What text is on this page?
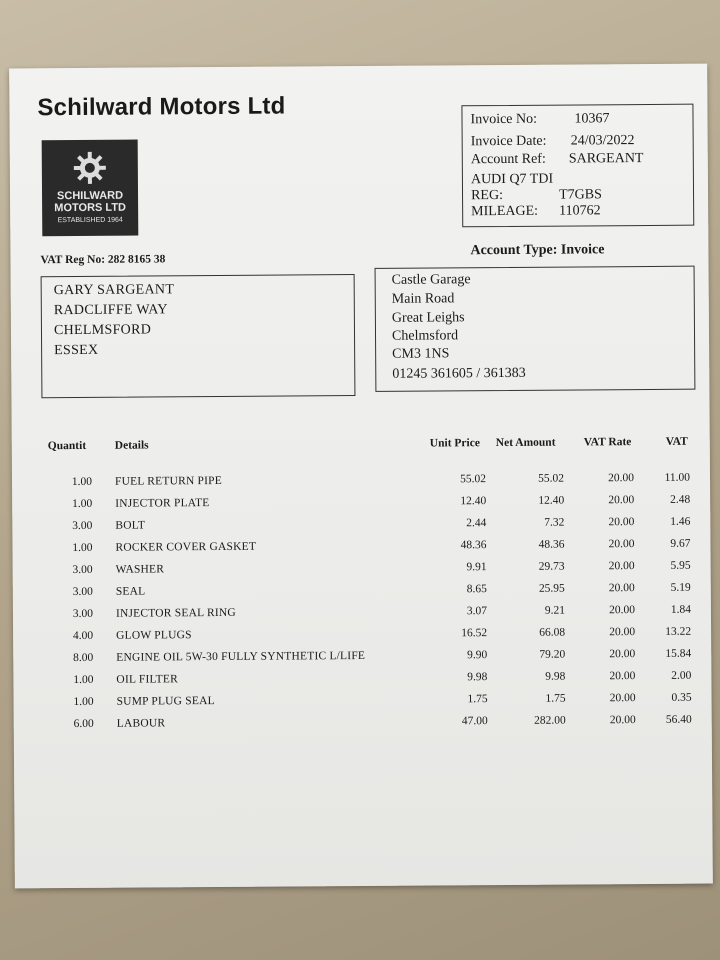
Schilward Motors Ltd
SCHILWARD
MOTORS LTD
ESTABLISHED 1964
Invoice No:	10367
Invoice Date: 24/03/2022
Account Ref: SARGEANT
AUDI Q7 TDI
REG:	T7GBS
MILEAGE: 110762
VAT Reg No: 282 8165 38
Account Type: Invoice
GARY SARGEANT
RADCLIFFE WAY
CHELMSFORD
ESSEX
Castle Garage
Main Road
Great Leighs
Chelmsford
CM3 1NS
01245 361605 / 361383
Quantit Details	Unit Price Net Amount VAT Rate	VAT
1.00 FUEL RETURN PIPE	55.02	55.02	20.00	11.00
1.00 INJECTOR PLATE	12.40	12.40	20.00	2.48
3.00 BOLT	2.44	7.32	20.00	1.46
1.00 ROCKER COVER GASKET	48.36	48.36	20.00	9.67
3.00 WASHER	9.91	29.73	20.00	5.95
3.00 SEAL	8.65	25.95	20.00	5.19
3.00 INJECTOR SEAL RING	3.07	9.21	20.00	1.84
4.00 GLOW PLUGS	16.52	66.08	20.00	13.22
8.00 ENGINE OIL 5W-30 FULLY SYNTHETIC L/LIFE	9.90	79.20	20.00	15.84
1.00 OIL FILTER	9.98	9.98	20.00	2.00
1.00 SUMP PLUG SEAL	1.75	1.75	20.00	0.35
6.00 LABOUR	47.00	282.00	20.00	56.40
